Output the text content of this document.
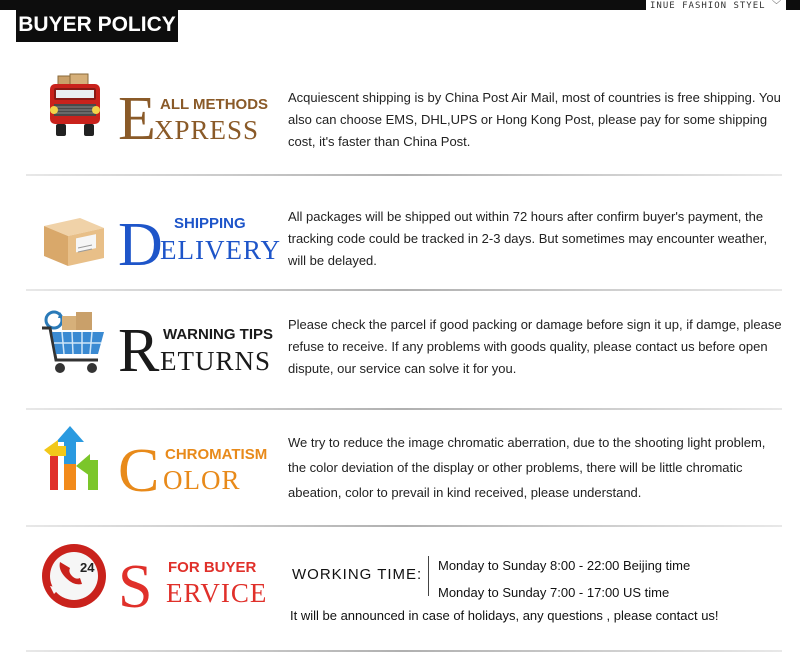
INUE FASHION STYEL ﹀
BUYER POLICY
E ALL METHODS
XPRESS
Acquiescent shipping is by China Post Air Mail, most of countries is free shipping. You also can choose EMS, DHL,UPS or Hong Kong Post, please pay for some shipping cost, it's faster than China Post.
D SHIPPING
ELIVERY
All packages will be shipped out within 72 hours after confirm buyer's payment, the tracking code could be tracked in 2-3 days. But sometimes may encounter weather, will be delayed.
R WARNING TIPS
ETURNS
Please check the parcel if good packing or damage before sign it up, if damge, please refuse to receive. If any problems with goods quality, please contact us before open dispute, our service can solve it for you.
C CHROMATISM
OLOR
We try to reduce the image chromatic aberration, due to the shooting light problem, the color deviation of the display or other problems, there will be little chromatic abeation, color to prevail in kind received, please understand.
24 S FOR BUYER
ERVICE
WORKING TIME:
Monday to Sunday 8:00 - 22:00 Beijing time
Monday to Sunday 7:00 - 17:00 US time
It will be announced in case of holidays, any questions , please contact us!
